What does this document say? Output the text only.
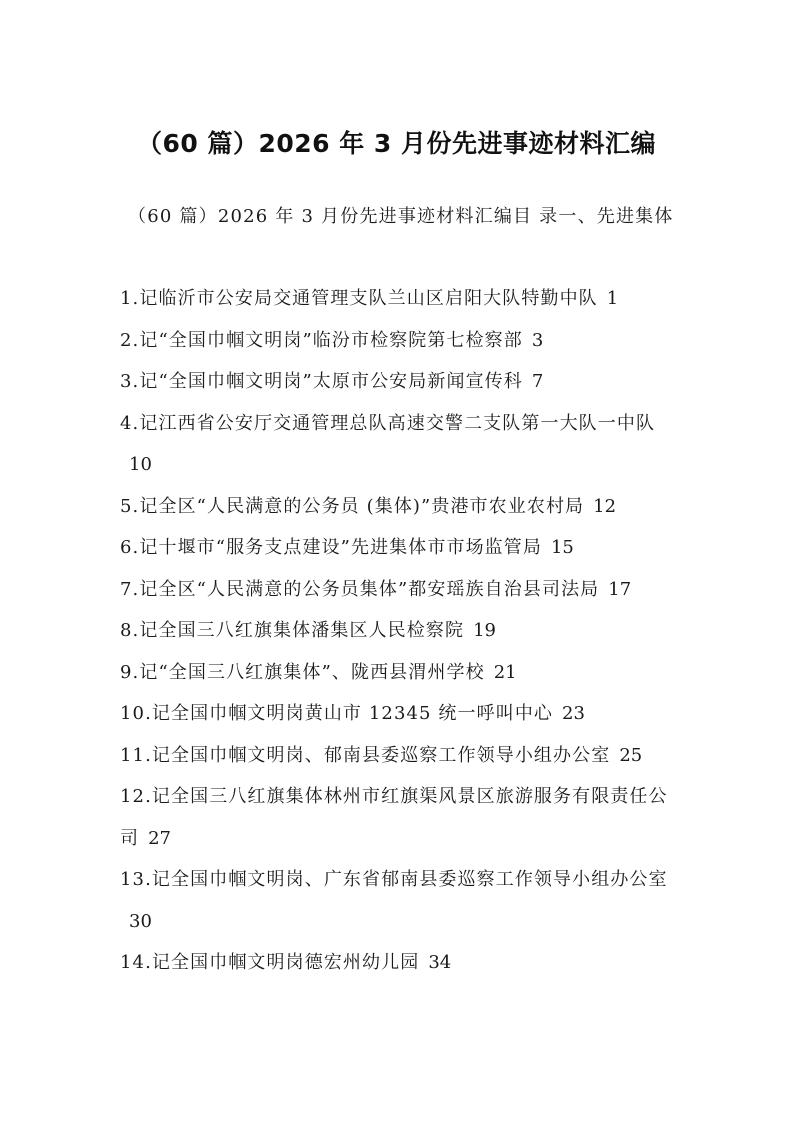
（60 篇）2026 年 3 月份先进事迹材料汇编

（60 篇）2026 年 3 月份先进事迹材料汇编目 录一、先进集体

1.记临沂市公安局交通管理支队兰山区启阳大队特勤中队 1
2.记“全国巾帼文明岗”临汾市检察院第七检察部 3
3.记“全国巾帼文明岗”太原市公安局新闻宣传科 7
4.记江西省公安厅交通管理总队高速交警二支队第一大队一中队10
5.记全区“人民满意的公务员 (集体)”贵港市农业农村局 12
6.记十堰市“服务支点建设”先进集体市市场监管局 15
7.记全区“人民满意的公务员集体”都安瑶族自治县司法局 17
8.记全国三八红旗集体潘集区人民检察院 19
9.记“全国三八红旗集体”、陇西县渭州学校 21
10.记全国巾帼文明岗黄山市 12345 统一呼叫中心 23
11.记全国巾帼文明岗、郁南县委巡察工作领导小组办公室 25
12.记全国三八红旗集体林州市红旗渠风景区旅游服务有限责任公司 27
13.记全国巾帼文明岗、广东省郁南县委巡察工作领导小组办公室30
14.记全国巾帼文明岗德宏州幼儿园 34
